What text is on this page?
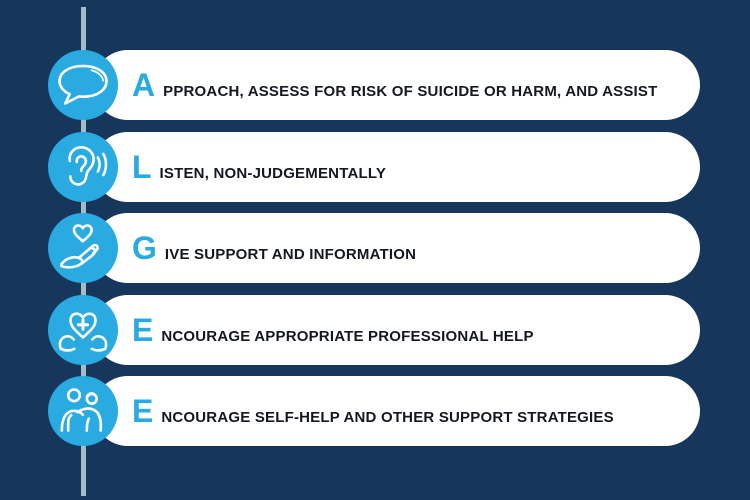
A PPROACH, ASSESS FOR RISK OF SUICIDE OR HARM, AND ASSIST
L ISTEN, NON-JUDGEMENTALLY
G IVE SUPPORT AND INFORMATION
E NCOURAGE APPROPRIATE PROFESSIONAL HELP
E NCOURAGE SELF-HELP AND OTHER SUPPORT STRATEGIES
